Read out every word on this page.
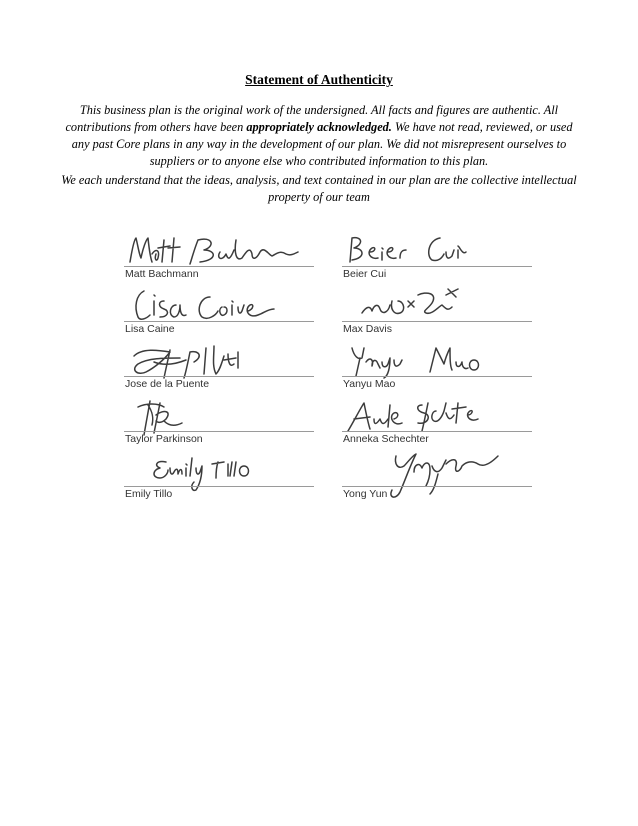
Statement of Authenticity
This business plan is the original work of the undersigned. All facts and figures are authentic. All contributions from others have been appropriately acknowledged. We have not read, reviewed, or used any past Core plans in any way in the development of our plan. We did not misrepresent ourselves to suppliers or to anyone else who contributed information to this plan.
We each understand that the ideas, analysis, and text contained in our plan are the collective intellectual property of our team
Matt Bachmann
Lisa Caine
Jose de la Puente
Taylor Parkinson
Emily Tillo
Beier Cui
Max Davis
Yanyu Mao
Anneka Schechter
Yong Yun
